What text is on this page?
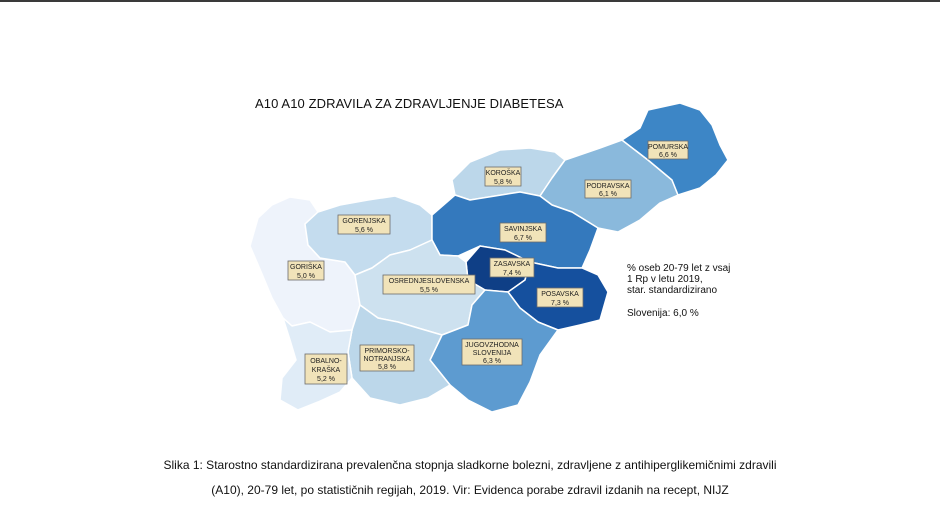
A10 A10 ZDRAVILA ZA ZDRAVLJENJE DIABETESA
POMURSKA
6,6 %
PODRAVSKA
6,1 %
KOROŠKA
5,8 %
SAVINJSKA
6,7 %
ZASAVSKA
7,4 %
POSAVSKA
7,3 %
JUGOVZHODNA
SLOVENIJA
6,3 %
OSREDNJESLOVENSKA
5,5 %
GORENJSKA
5,6 %
GORIŠKA
5,0 %
PRIMORSKO-
NOTRANJSKA
5,8 %
OBALNO-
KRAŠKA
5,2 %
% oseb 20-79 let z vsaj
1 Rp v letu 2019,
star. standardizirano
Slovenija: 6,0 %
Slika 1: Starostno standardizirana prevalenčna stopnja sladkorne bolezni, zdravljene z antihiperglikemičnimi zdravili
(A10), 20-79 let, po statističnih regijah, 2019. Vir: Evidenca porabe zdravil izdanih na recept, NIJZ
